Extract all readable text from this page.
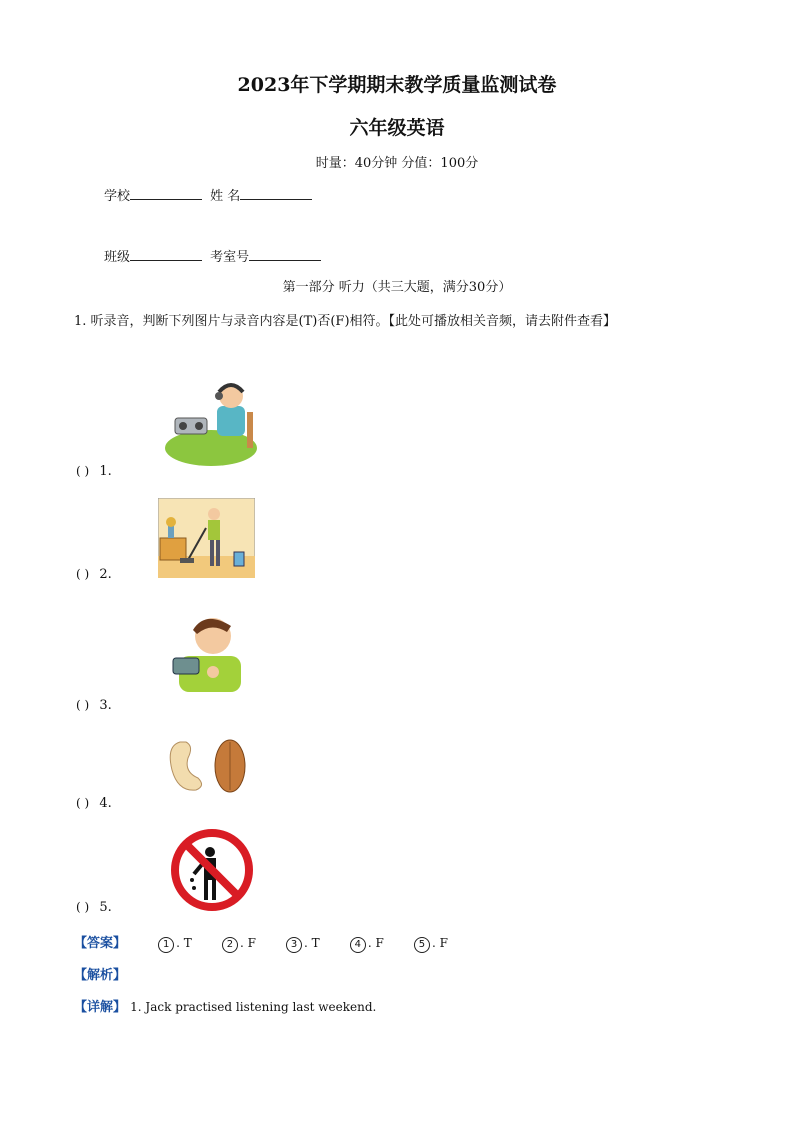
2023年下学期期末教学质量监测试卷
六年级英语
时量：40分钟 分值：100分
学校	姓 名
班级	考室号
第一部分 听力（共三大题，满分30分）
1. 听录音，判断下列图片与录音内容是(T)否(F)相符。【此处可播放相关音频，请去附件查看】
( ) 1.
( ) 2.
( ) 3.
( ) 4.
( ) 5.
【答案】	1 . T	2 . F	3 . T	4 . F	5 . F
【解析】
【详解】 1. Jack practised listening last weekend.
